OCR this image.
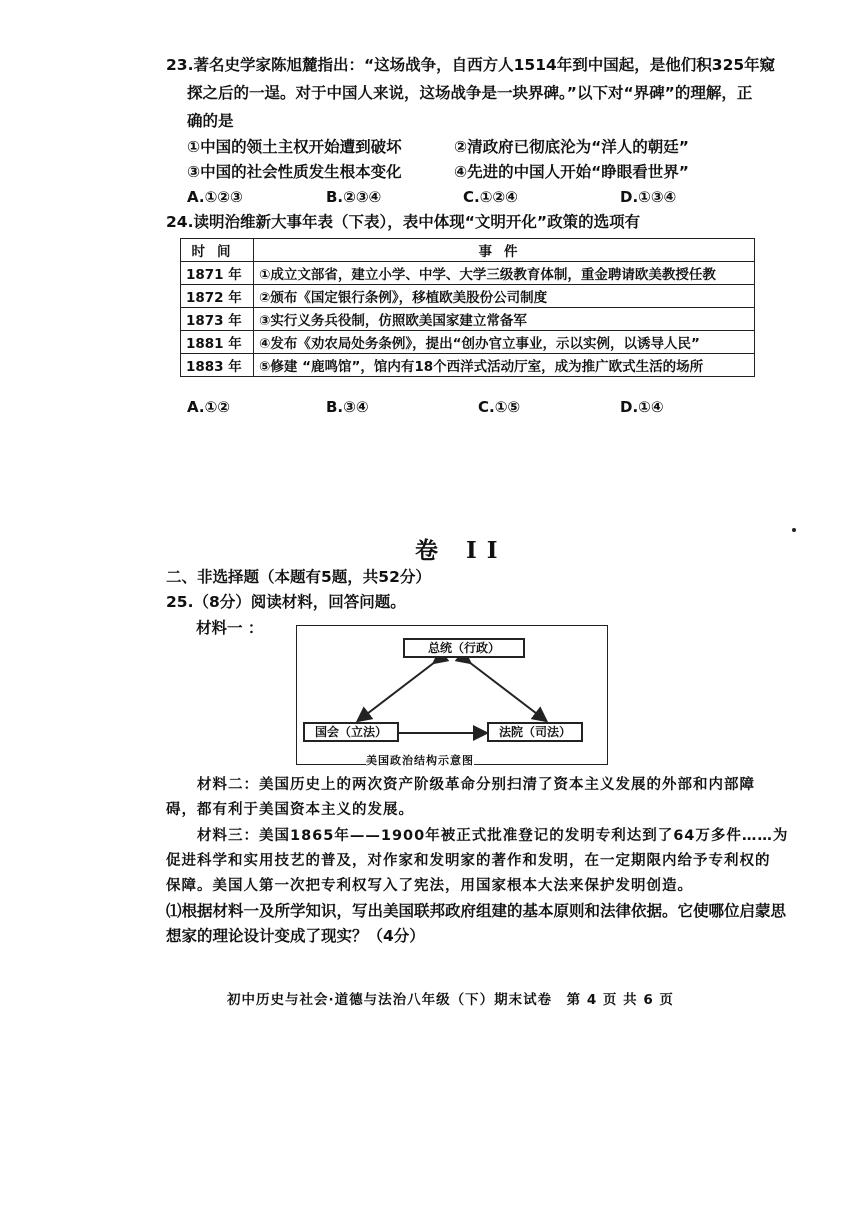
23.著名史学家陈旭麓指出：“这场战争，自西方人1514年到中国起，是他们积325年窥
探之后的一逞。对于中国人来说，这场战争是一块界碑。”以下对“界碑”的理解，正
确的是
①中国的领土主权开始遭到破坏	②清政府已彻底沦为“洋人的朝廷”
③中国的社会性质发生根本变化	④先进的中国人开始“睁眼看世界”
A.①②③	B.②③④	C.①②④	D.①③④
24.读明治维新大事年表（下表），表中体现“文明开化”政策的选项有
时间	事件
1871 年	①成立文部省，建立小学、中学、大学三级教育体制，重金聘请欧美教授任教
1872 年	②颁布《国定银行条例》，移植欧美股份公司制度
1873 年	③实行义务兵役制，仿照欧美国家建立常备军
1881 年	④发布《劝农局处务条例》，提出“创办官立事业，示以实例，以诱导人民”
1883 年	⑤修建 “鹿鸣馆”，馆内有18个西洋式活动厅室，成为推广欧式生活的场所
A.①②	B.③④	C.①⑤	D.①④
卷 II
二、非选择题（本题有5题，共52分）
25.（8分）阅读材料，回答问题。
材料一 ：
总统（行政）
国会（立法）	法院（司法）
美国政治结构示意图
材料二：美国历史上的两次资产阶级革命分别扫清了资本主义发展的外部和内部障
碍，都有利于美国资本主义的发展。
材料三：美国1865年——1900年被正式批准登记的发明专利达到了64万多件……为
促进科学和实用技艺的普及，对作家和发明家的著作和发明，在一定期限内给予专利权的
保障。美国人第一次把专利权写入了宪法，用国家根本大法来保护发明创造。
⑴根据材料一及所学知识，写出美国联邦政府组建的基本原则和法律依据。它使哪位启蒙思
想家的理论设计变成了现实？（4分）
初中历史与社会·道德与法治八年级（下）期末试卷　第 4 页 共 6 页
